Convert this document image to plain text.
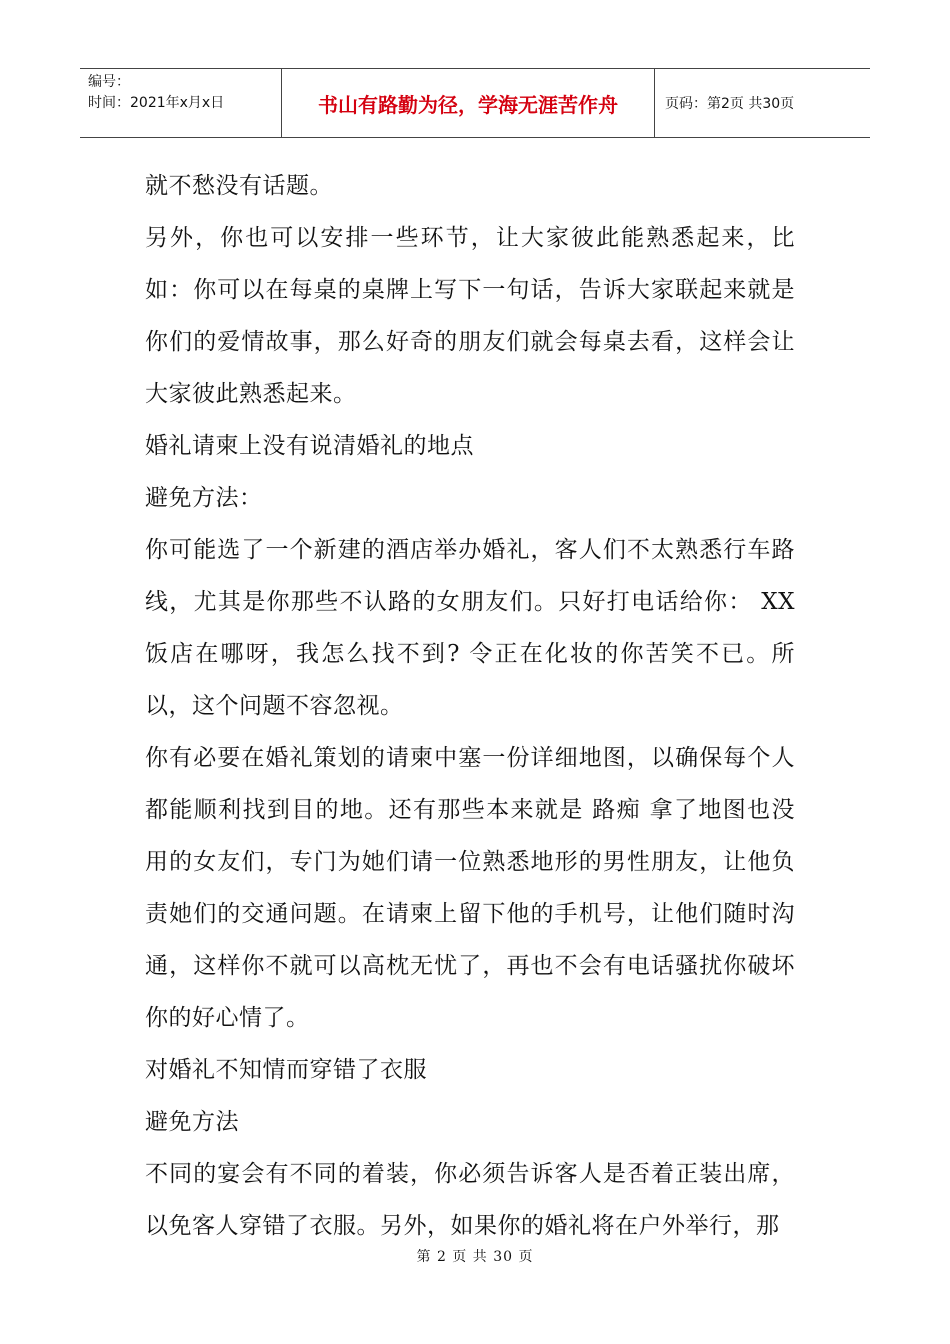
编号：
时间：2021年x月x日	书山有路勤为径，学海无涯苦作舟	页码：第2页 共30页

就不愁没有话题。

另外，你也可以安排一些环节，让大家彼此能熟悉起来，比如：你可以在每桌的桌牌上写下一句话，告诉大家联起来就是你们的爱情故事，那么好奇的朋友们就会每桌去看，这样会让大家彼此熟悉起来。

婚礼请柬上没有说清婚礼的地点

避免方法：

你可能选了一个新建的酒店举办婚礼，客人们不太熟悉行车路线，尤其是你那些不认路的女朋友们。只好打电话给你： XX饭店在哪呀，我怎么找不到? 令正在化妆的你苦笑不已。所以，这个问题不容忽视。

你有必要在婚礼策划的请柬中塞一份详细地图，以确保每个人都能顺利找到目的地。还有那些本来就是 路痴 拿了地图也没用的女友们，专门为她们请一位熟悉地形的男性朋友，让他负责她们的交通问题。在请柬上留下他的手机号，让他们随时沟通，这样你不就可以高枕无忧了，再也不会有电话骚扰你破坏你的好心情了。

对婚礼不知情而穿错了衣服

避免方法

不同的宴会有不同的着装，你必须告诉客人是否着正装出席，以免客人穿错了衣服。另外，如果你的婚礼将在户外举行，那

第 2 页 共 30 页
